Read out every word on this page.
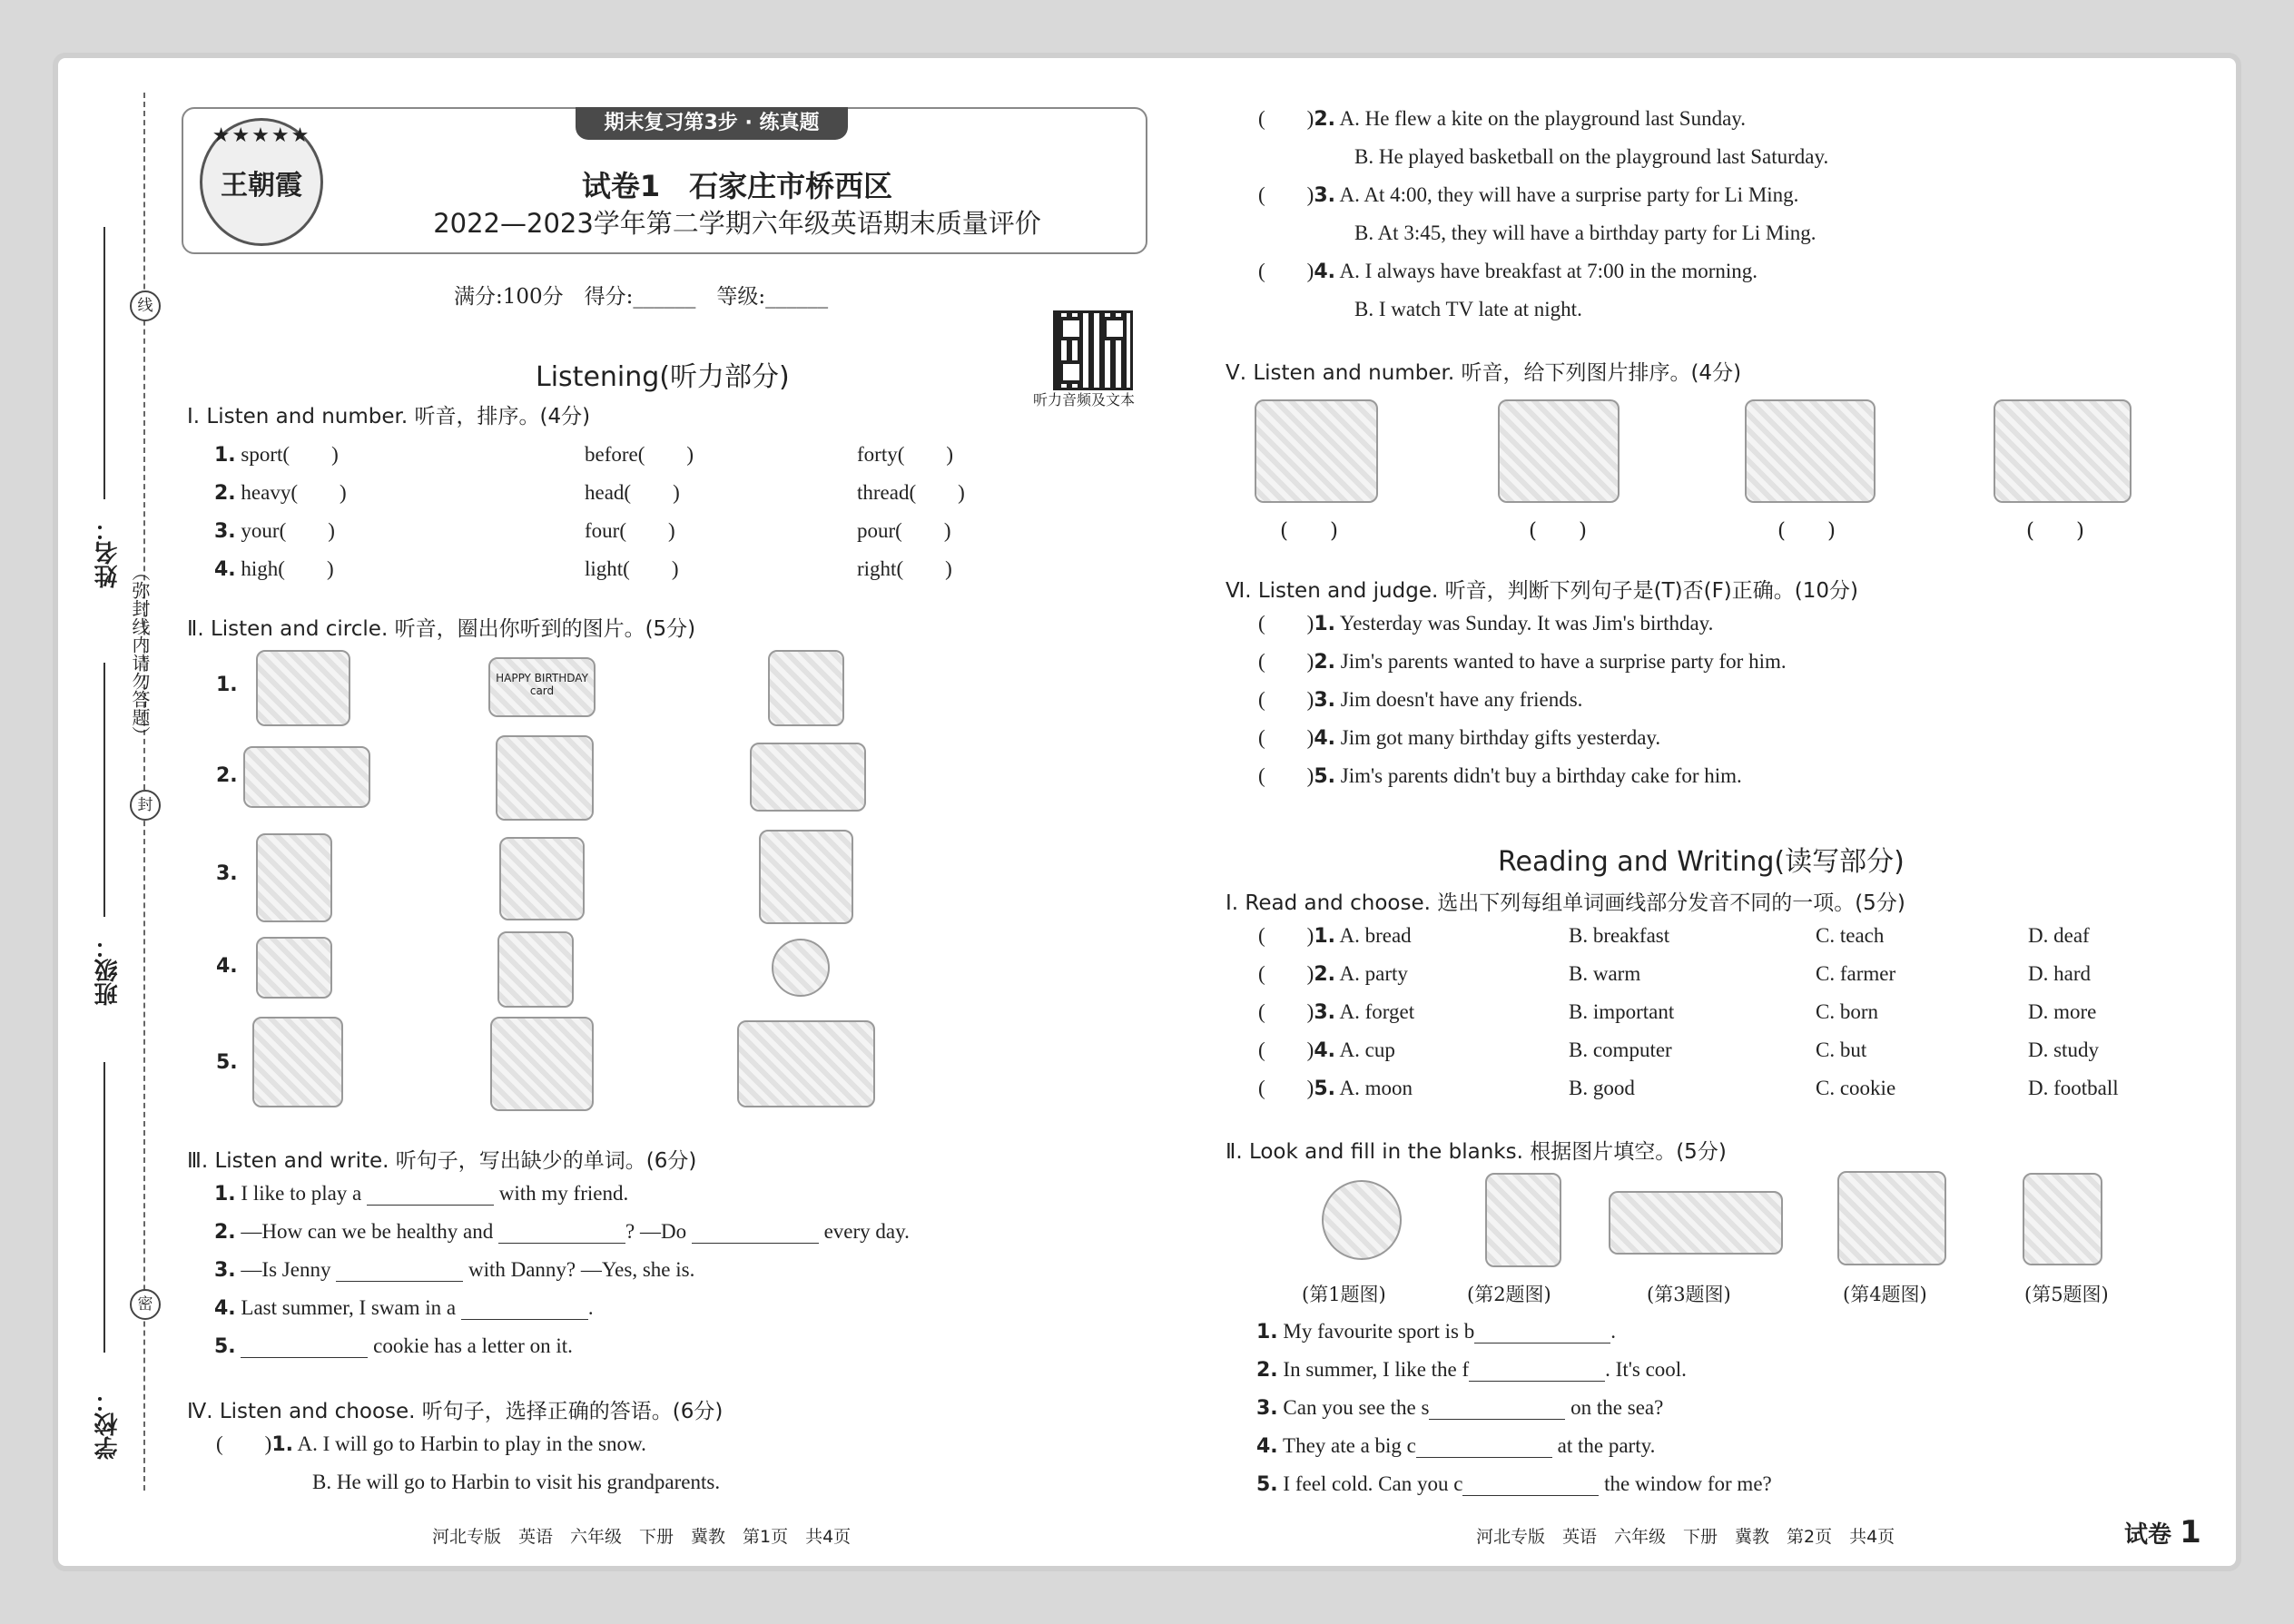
姓名：
班级：
学校：
线
封
密
（弥封线内请勿答题）
★★★★★
王朝霞
期末复习第3步 · 练真题
试卷1　石家庄市桥西区
2022—2023学年第二学期六年级英语期末质量评价
满分:100分　得分:______　等级:______
听力音频及文本
Listening(听力部分)
Ⅰ. Listen and number. 听音，排序。(4分)
1. sport(　　)	before(　　)	forty(　　)
2. heavy(　　)	head(　　)	thread(　　)
3. your(　　)	four(　　)	pour(　　)
4. high(　　)	light(　　)	right(　　)
Ⅱ. Listen and circle. 听音，圈出你听到的图片。(5分)
1.	HAPPY BIRTHDAY card
2.
3.
4.
5.
Ⅲ. Listen and write. 听句子，写出缺少的单词。(6分)
1. I like to play a	with my friend.
2. —How can we be healthy and	? —Do	every day.
3. —Is Jenny	with Danny? —Yes, she is.
4. Last summer, I swam in a	.
5.	cookie has a letter on it.
Ⅳ. Listen and choose. 听句子，选择正确的答语。(6分)
( )1. A. I will go to Harbin to play in the snow.
B. He will go to Harbin to visit his grandparents.
河北专版　英语　六年级　下册　冀教　第1页　共4页
( )2. A. He flew a kite on the playground last Sunday.
B. He played basketball on the playground last Saturday.
( )3. A. At 4:00, they will have a surprise party for Li Ming.
B. At 3:45, they will have a birthday party for Li Ming.
( )4. A. I always have breakfast at 7:00 in the morning.
B. I watch TV late at night.
Ⅴ. Listen and number. 听音，给下列图片排序。(4分)
(　　)	(　　)	(　　)	(　　)
Ⅵ. Listen and judge. 听音，判断下列句子是(T)否(F)正确。(10分)
( )1. Yesterday was Sunday. It was Jim's birthday.
( )2. Jim's parents wanted to have a surprise party for him.
( )3. Jim doesn't have any friends.
( )4. Jim got many birthday gifts yesterday.
( )5. Jim's parents didn't buy a birthday cake for him.
Reading and Writing(读写部分)
Ⅰ. Read and choose. 选出下列每组单词画线部分发音不同的一项。(5分)
( )1. A. bread	B. breakfast	C. teach	D. deaf
( )2. A. party	B. warm	C. farmer	D. hard
( )3. A. forget	B. important	C. born	D. more
( )4. A. cup	B. computer	C. but	D. study
( )5. A. moon	B. good	C. cookie	D. football
Ⅱ. Look and fill in the blanks. 根据图片填空。(5分)
(第1题图)	(第2题图)	(第3题图)	(第4题图)	(第5题图)
1. My favourite sport is b	.
2. In summer, I like the f	. It's cool.
3. Can you see the s	on the sea?
4. They ate a big c	at the party.
5. I feel cold. Can you c	the window for me?
河北专版　英语　六年级　下册　冀教　第2页　共4页	试卷 1
